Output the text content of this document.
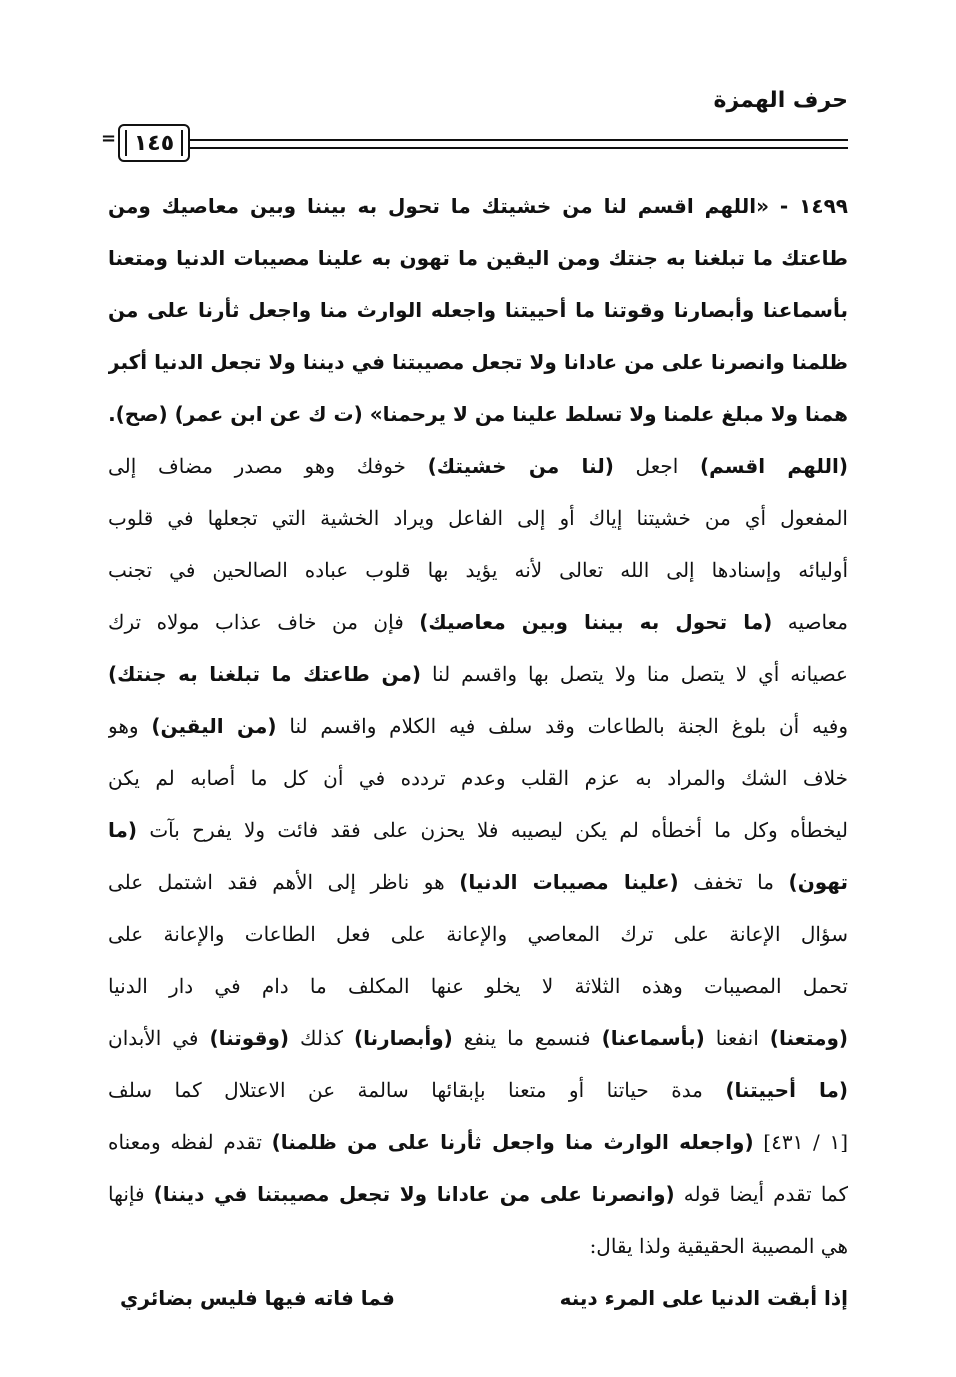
حرف الهمزة
١٤٥
=
١٤٩٩ - «اللهم اقسم لنا من خشيتك ما تحول به بيننا وبين معاصيك ومن
طاعتك ما تبلغنا به جنتك ومن اليقين ما تهون به علينا مصيبات الدنيا ومتعنا
بأسماعنا وأبصارنا وقوتنا ما أحييتنا واجعله الوارث منا واجعل ثأرنا على من
ظلمنا وانصرنا على من عادانا ولا تجعل مصيبتنا في ديننا ولا تجعل الدنيا أكبر
همنا ولا مبلغ علمنا ولا تسلط علينا من لا يرحمنا» (ت ك عن ابن عمر) (صح).
(اللهم اقسم) اجعل (لنا من خشيتك) خوفك وهو مصدر مضاف إلى
المفعول أي من خشيتنا إياك أو إلى الفاعل ويراد الخشية التي تجعلها في قلوب
أوليائه وإسنادها إلى الله تعالى لأنه يؤيد بها قلوب عباده الصالحين في تجنب
معاصيه (ما تحول به بيننا وبين معاصيك) فإن من خاف عذاب مولاه ترك
عصيانه أي لا يتصل منا ولا يتصل بها واقسم لنا (من طاعتك ما تبلغنا به جنتك)
وفيه أن بلوغ الجنة بالطاعات وقد سلف فيه الكلام واقسم لنا (من اليقين) وهو
خلاف الشك والمراد به عزم القلب وعدم تردده في أن كل ما أصابه لم يكن
ليخطأه وكل ما أخطأه لم يكن ليصيبه فلا يحزن على فقد فائت ولا يفرح بآت (ما
تهون) ما تخفف (علينا مصيبات الدنيا) هو ناظر إلى الأهم فقد اشتمل على
سؤال الإعانة على ترك المعاصي والإعانة على فعل الطاعات والإعانة على
تحمل المصيبات وهذه الثلاثة لا يخلو عنها المكلف ما دام في دار الدنيا
(ومتعنا) انفعنا (بأسماعنا) فنسمع ما ينفع (وأبصارنا) كذلك (وقوتنا) في الأبدان
(ما أحييتنا) مدة حياتنا أو متعنا بإبقائها سالمة عن الاعتلال كما سلف
[١ / ٤٣١] (واجعله الوارث منا واجعل ثأرنا على من ظلمنا) تقدم لفظه ومعناه
كما تقدم أيضا قوله (وانصرنا على من عادانا ولا تجعل مصيبتنا في ديننا) فإنها
هي المصيبة الحقيقية ولذا يقال:
إذا أبقت الدنيا على المرء دينه
فما فاته فيها فليس بضائري
